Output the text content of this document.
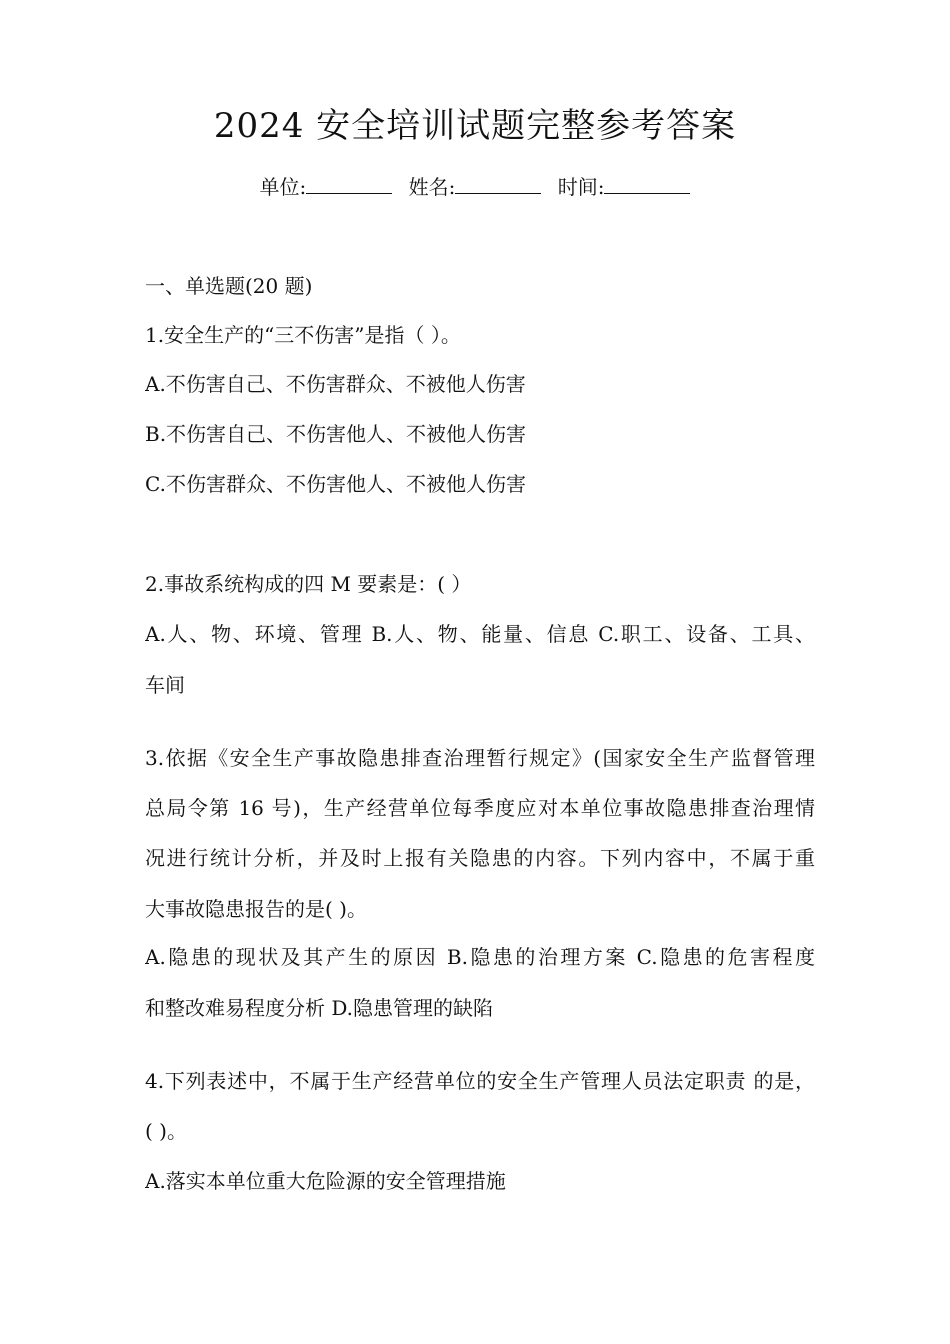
2024 安全培训试题完整参考答案
单位:	姓名:	时间:
一、单选题(20 题)
1.安全生产的“三不伤害”是指（ ）。
A.不伤害自己、不伤害群众、不被他人伤害
B.不伤害自己、不伤害他人、不被他人伤害
C.不伤害群众、不伤害他人、不被他人伤害
2.事故系统构成的四 M 要素是：( ）
A.人、物、环境、管理 B.人、物、能量、信息 C.职工、设备、工具、
车间
3.依据《安全生产事故隐患排查治理暂行规定》(国家安全生产监督管理
总局令第 16 号)，生产经营单位每季度应对本单位事故隐患排查治理情
况进行统计分析，并及时上报有关隐患的内容。下列内容中，不属于重
大事故隐患报告的是( )。
A.隐患的现状及其产生的原因 B.隐患的治理方案 C.隐患的危害程度
和整改难易程度分析 D.隐患管理的缺陷
4.下列表述中，不属于生产经营单位的安全生产管理人员法定职责 的是，
( )。
A.落实本单位重大危险源的安全管理措施
